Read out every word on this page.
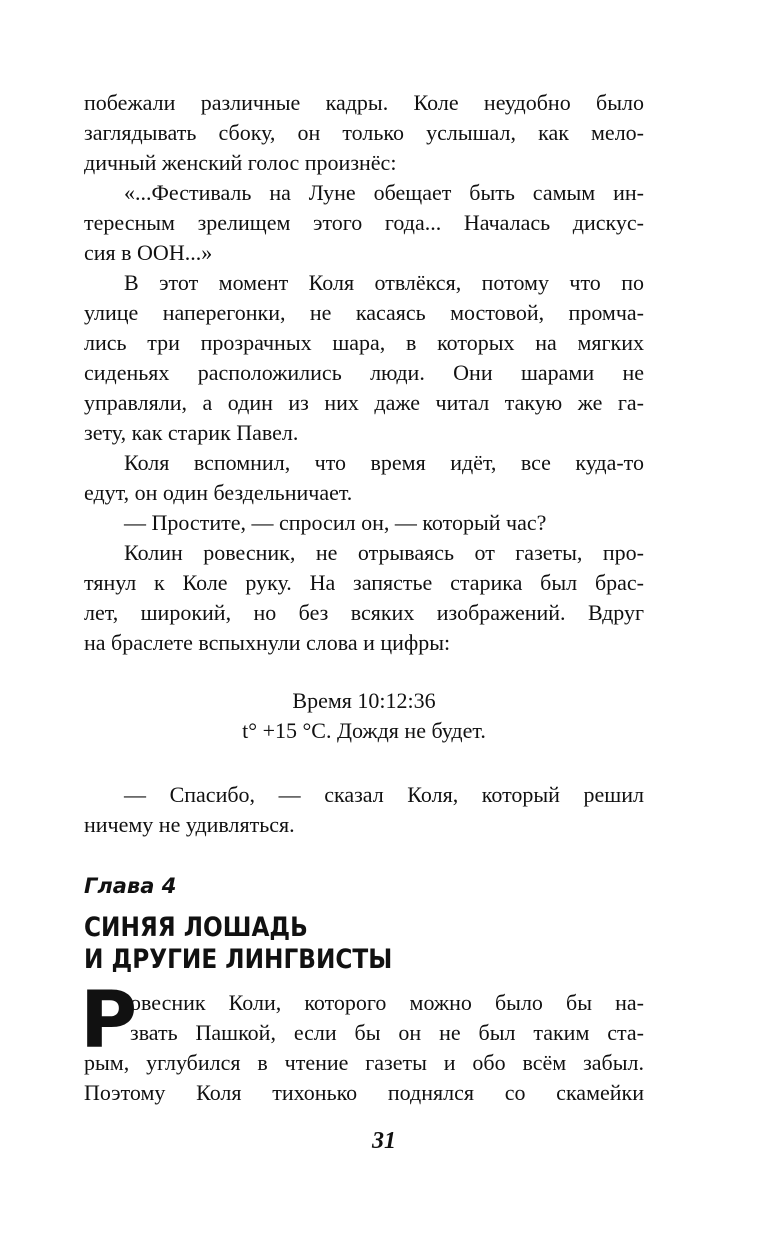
побежали различные кадры. Коле неудобно было
заглядывать сбоку, он только услышал, как мело-
дичный женский голос произнёс:
«...Фестиваль на Луне обещает быть самым ин-
тересным зрелищем этого года... Началась дискус-
сия в ООН...»
В этот момент Коля отвлёкся, потому что по
улице наперегонки, не касаясь мостовой, промча-
лись три прозрачных шара, в которых на мягких
сиденьях расположились люди. Они шарами не
управляли, а один из них даже читал такую же га-
зету, как старик Павел.
Коля вспомнил, что время идёт, все куда-то
едут, он один бездельничает.
— Простите, — спросил он, — который час?
Колин ровесник, не отрываясь от газеты, про-
тянул к Коле руку. На запястье старика был брас-
лет, широкий, но без всяких изображений. Вдруг
на браслете вспыхнули слова и цифры:
Время 10:12:36
t° +15 °С. Дождя не будет.
— Спасибо, — сказал Коля, который решил
ничему не удивляться.
Глава 4
СИНЯЯ ЛОШАДЬ
И ДРУГИЕ ЛИНГВИСТЫ
Р
овесник Коли, которого можно было бы на-
звать Пашкой, если бы он не был таким ста-
рым, углубился в чтение газеты и обо всём забыл.
Поэтому Коля тихонько поднялся со скамейки
31
